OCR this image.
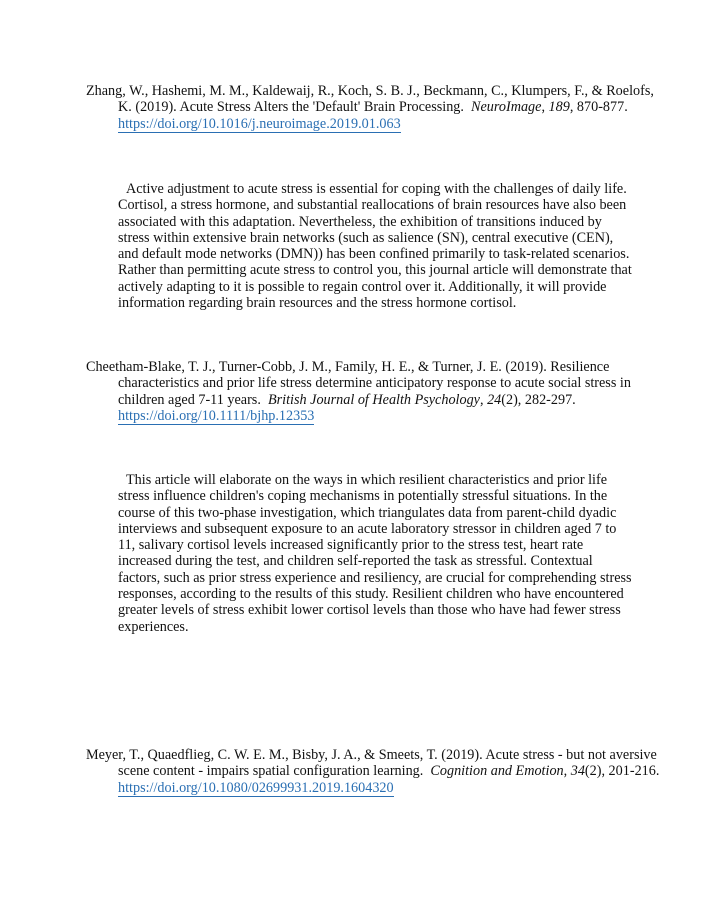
Zhang, W., Hashemi, M. M., Kaldewaij, R., Koch, S. B. J., Beckmann, C., Klumpers, F., & Roelofs, K. (2019). Acute Stress Alters the 'Default' Brain Processing. NeuroImage, 189, 870-877.  https://doi.org/10.1016/j.neuroimage.2019.01.063

Active adjustment to acute stress is essential for coping with the challenges of daily life. Cortisol, a stress hormone, and substantial reallocations of brain resources have also been associated with this adaptation. Nevertheless, the exhibition of transitions induced by stress within extensive brain networks (such as salience (SN), central executive (CEN), and default mode networks (DMN)) has been confined primarily to task-related scenarios. Rather than permitting acute stress to control you, this journal article will demonstrate that actively adapting to it is possible to regain control over it. Additionally, it will provide information regarding brain resources and the stress hormone cortisol.

Cheetham-Blake, T. J., Turner-Cobb, J. M., Family, H. E., & Turner, J. E. (2019). Resilience characteristics and prior life stress determine anticipatory response to acute social stress in children aged 7-11 years. British Journal of Health Psychology, 24(2), 282-297. https://doi.org/10.1111/bjhp.12353

This article will elaborate on the ways in which resilient characteristics and prior life stress influence children's coping mechanisms in potentially stressful situations. In the course of this two-phase investigation, which triangulates data from parent-child dyadic interviews and subsequent exposure to an acute laboratory stressor in children aged 7 to 11, salivary cortisol levels increased significantly prior to the stress test, heart rate increased during the test, and children self-reported the task as stressful. Contextual factors, such as prior stress experience and resiliency, are crucial for comprehending stress responses, according to the results of this study. Resilient children who have encountered greater levels of stress exhibit lower cortisol levels than those who have had fewer stress experiences.

Meyer, T., Quaedflieg, C. W. E. M., Bisby, J. A., & Smeets, T. (2019). Acute stress - but not aversive scene content - impairs spatial configuration learning. Cognition and Emotion, 34(2), 201-216.  https://doi.org/10.1080/02699931.2019.1604320
